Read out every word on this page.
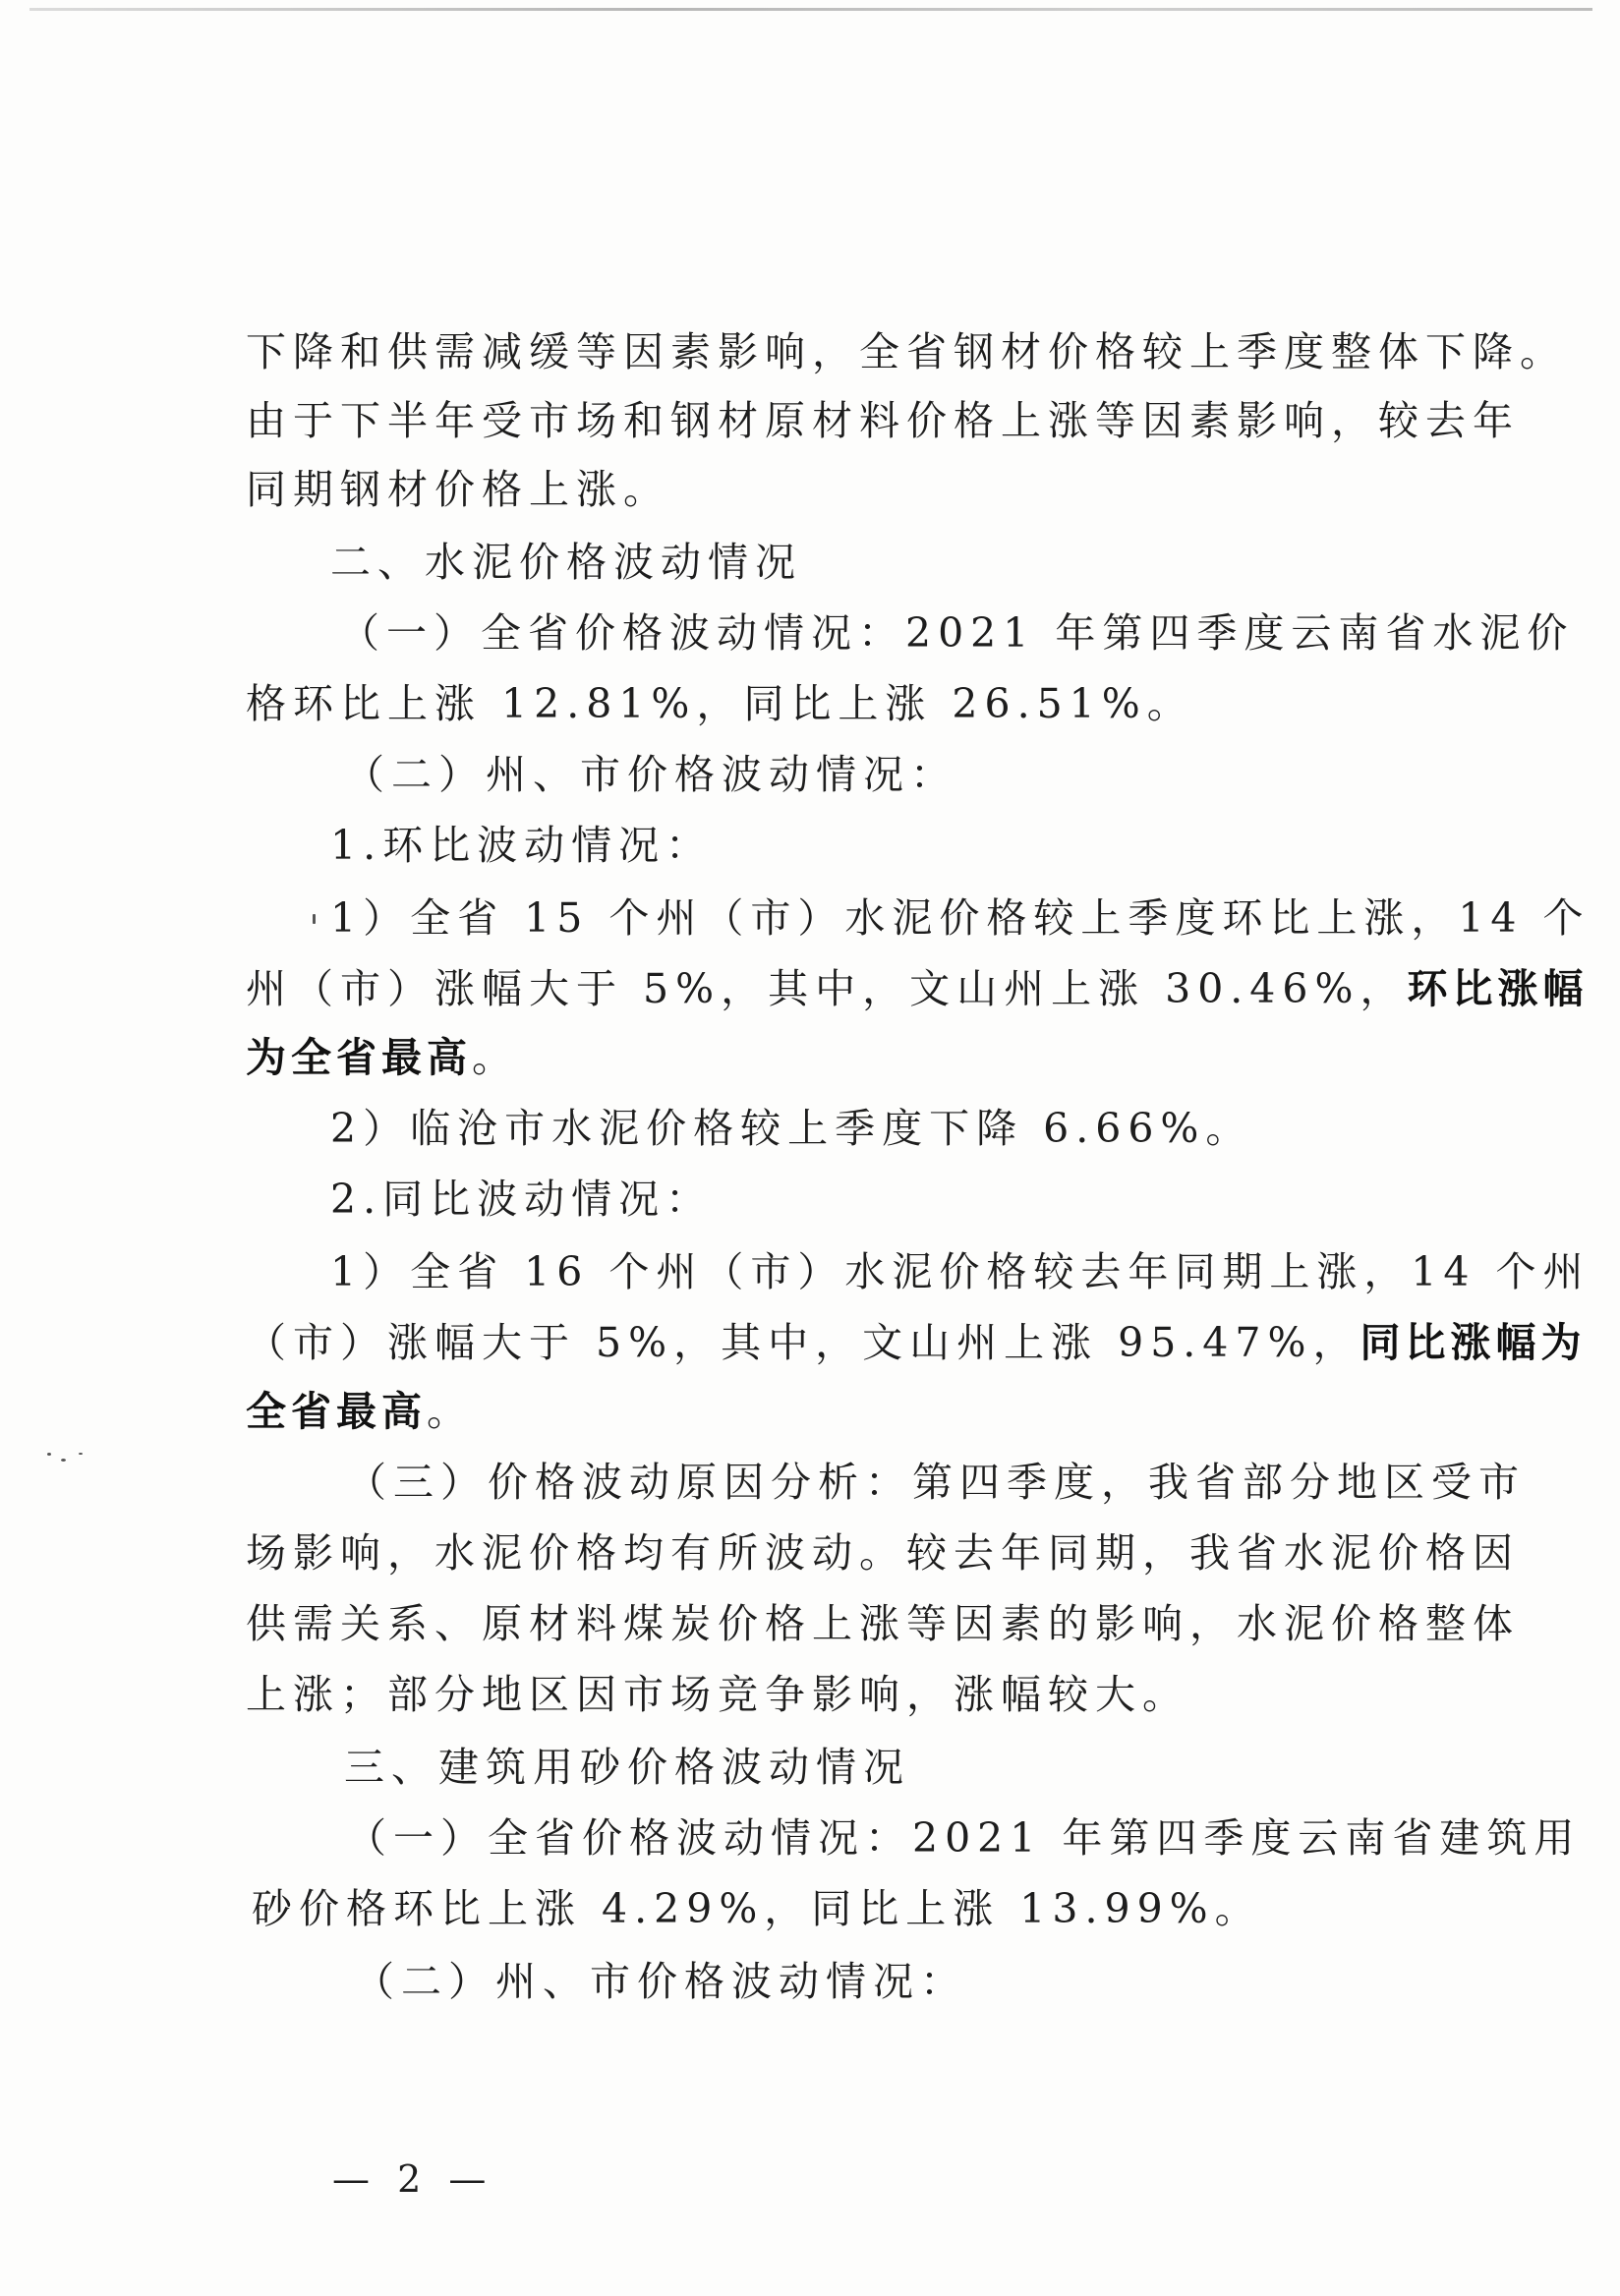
下降和供需减缓等因素影响，全省钢材价格较上季度整体下降。
由于下半年受市场和钢材原材料价格上涨等因素影响，较去年
同期钢材价格上涨。
二、水泥价格波动情况
（一）全省价格波动情况：2021 年第四季度云南省水泥价
格环比上涨 12.81%，同比上涨 26.51%。
（二）州、市价格波动情况：
1.环比波动情况：
1）全省 15 个州（市）水泥价格较上季度环比上涨，14 个
州（市）涨幅大于 5%，其中，文山州上涨 30.46%，环比涨幅
为全省最高。
2）临沧市水泥价格较上季度下降 6.66%。
2.同比波动情况：
1）全省 16 个州（市）水泥价格较去年同期上涨，14 个州
（市）涨幅大于 5%，其中，文山州上涨 95.47%，同比涨幅为
全省最高。
（三）价格波动原因分析：第四季度，我省部分地区受市
场影响，水泥价格均有所波动。较去年同期，我省水泥价格因
供需关系、原材料煤炭价格上涨等因素的影响，水泥价格整体
上涨；部分地区因市场竞争影响，涨幅较大。
三、建筑用砂价格波动情况
（一）全省价格波动情况：2021 年第四季度云南省建筑用
砂价格环比上涨 4.29%，同比上涨 13.99%。
（二）州、市价格波动情况：
— 2 —
